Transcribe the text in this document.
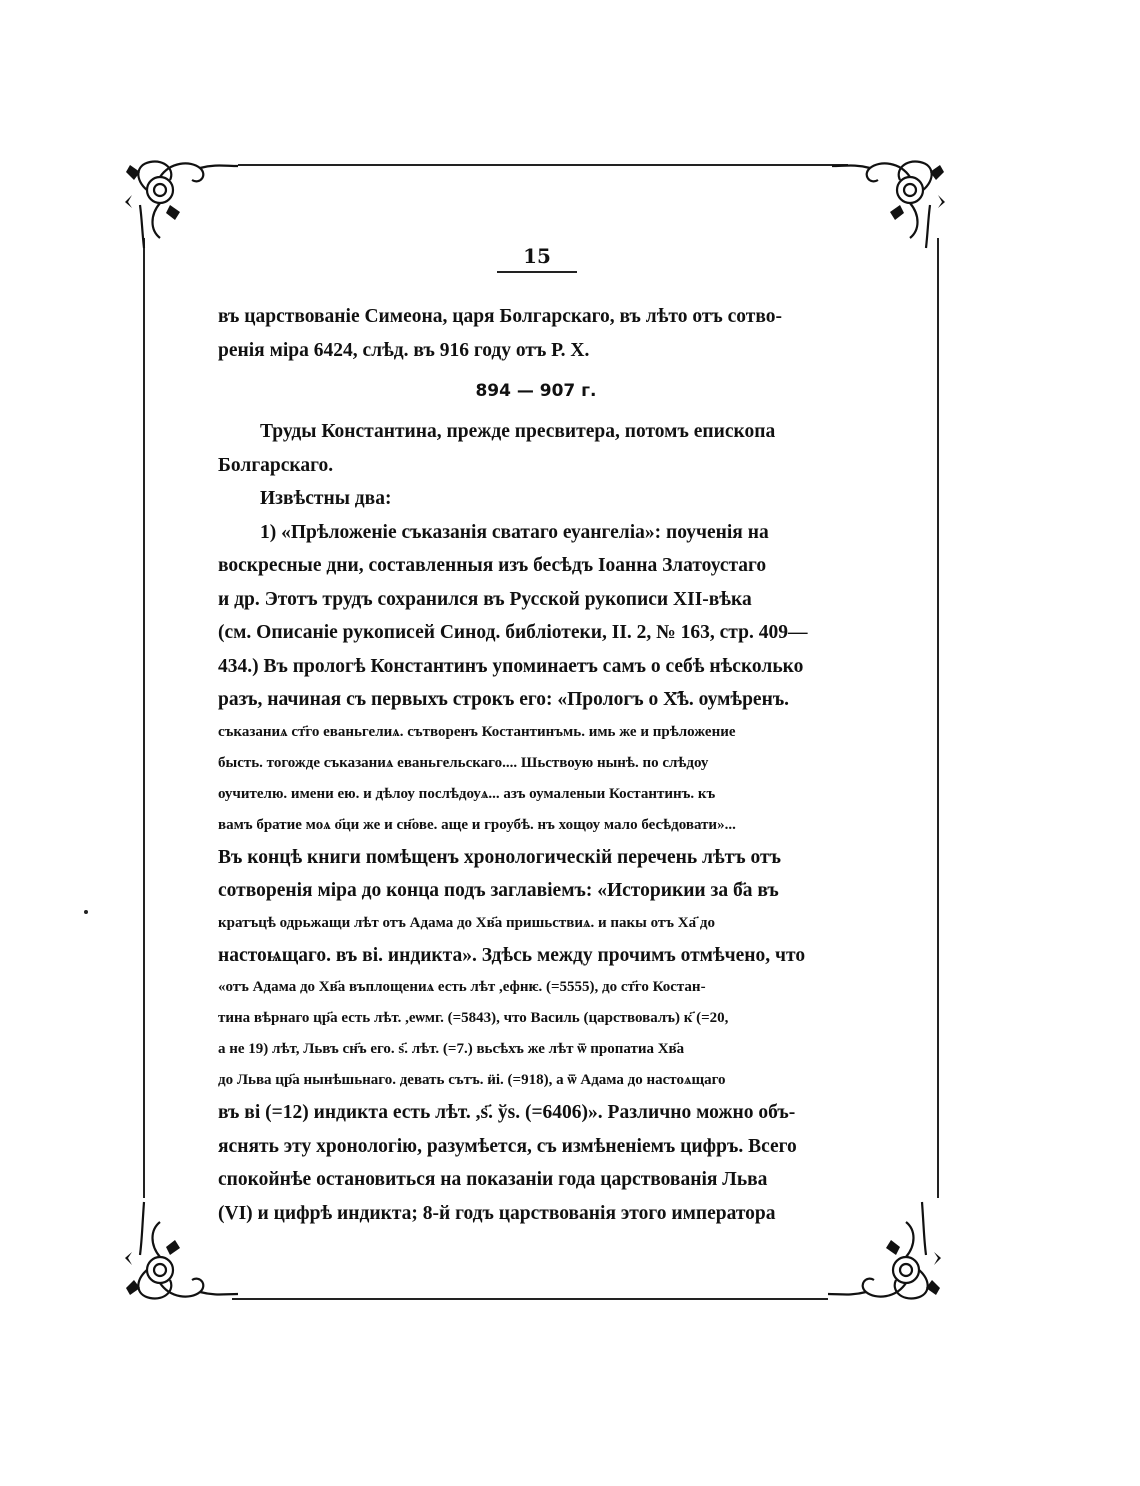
15
въ царствованіе Симеона, царя Болгарскаго, въ лѣто отъ сотво-
ренія міра 6424, слѣд. въ 916 году отъ Р. Х.
894 — 907 г.
Труды Константина, прежде пресвитера, потомъ епископа
Болгарскаго.
Извѣстны два:
1) «Прѣложеніе съказанія сватаго еуангеліа»: поученія на
воскресные дни, составленныя изъ бесѣдъ Іоанна Златоустаго
и др. Этотъ трудъ сохранился въ Русской рукописи XII-вѣка
(см. Описаніе рукописей Синод. библіотеки, II. 2, № 163, стр. 409—
434.) Въ прологѣ Константинъ упоминаетъ самъ о себѣ нѣсколько
разъ, начиная съ первыхъ строкъ его: «Прологъ о Х҃ѣ. оумѣренъ.
съказаниѧ ст҃го еваньгелиѧ. сътворенъ Костантинъмь. имь же и прѣложение
бысть. тогожде съказаниѧ еваньгельскаго.... Шьствоую нынѣ. по слѣдоу
оучителю. имени ею. и дѣлоу послѣдоуѧ... азъ оумаленыи Костантинъ. къ
вамъ братие моѧ о҃ци же и сн҃ове. аще и гроубѣ. нъ хощоу мало бесѣдовати»...
Въ концѣ книги помѣщенъ хронологическій перечень лѣтъ отъ
сотворенія міра до конца подъ заглавіемъ: «Историкии за б҃а въ
кратъцѣ одрьжащи лѣт отъ Адама до Хв҃а пришьствиѧ. и пакы отъ Ха҃ до
настоѩщаго. въ ві. индикта». Здѣсь между прочимъ отмѣчено, что
«отъ Адама до Хв҃а въплощениѧ есть лѣт ,ефнѥ. (=5555), до ст҃го Костан-
тина вѣрнаго цр҃а есть лѣт. ,еѡмг. (=5843), что Василь (царствовалъ) к҃ (=20,
а не 19) лѣт, Львъ сн҃ъ его. ѕ҃. лѣт. (=7.) вьсѣхъ же лѣт ѿ пропатиа Хв҃а
до Льва цр҃а нынѣшьнаго. девать сътъ. ӥі. (=918), а ѿ Адама до настоѧщаго
въ ві (=12) индикта есть лѣт. ,ѕ҃. ўѕ. (=6406)». Различно можно объ-
яснять эту хронологію, разумѣется, съ измѣненіемъ цифръ. Всего
спокойнѣе остановиться на показаніи года царствованія Льва
(VI) и цифрѣ индикта; 8-й годъ царствованія этого императора
